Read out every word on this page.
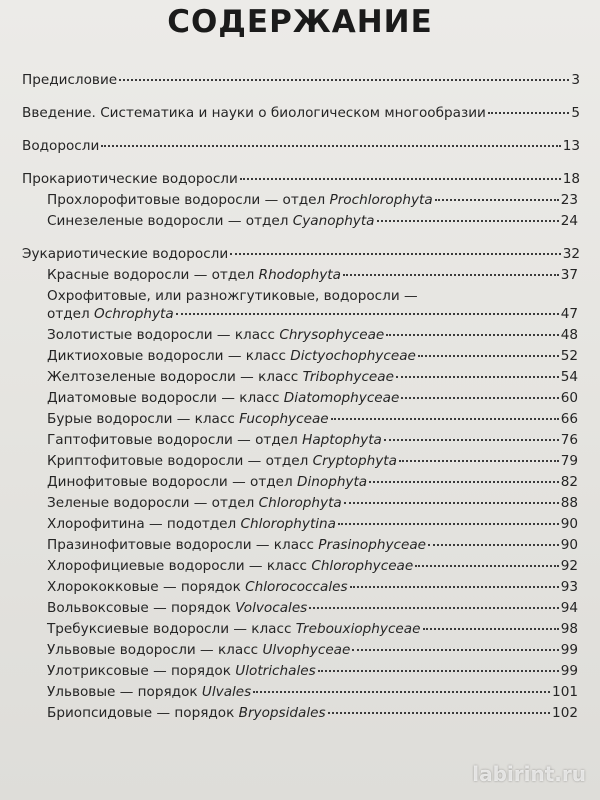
СОДЕРЖАНИЕ
Предисловие	3
Введение. Систематика и науки о биологическом многообразии	5
Водоросли	13
Прокариотические водоросли	18
Прохлорофитовые водоросли — отдел Prochlorophyta	23
Синезеленые водоросли — отдел Cyanophyta	24
Эукариотические водоросли	32
Красные водоросли — отдел Rhodophyta	37
Охрофитовые, или разножгутиковые, водоросли —
отдел Ochrophyta	47
Золотистые водоросли — класс Chrysophyceae	48
Диктиоховые водоросли — класс Dictyochophyceae	52
Желтозеленые водоросли — класс Tribophyceae	54
Диатомовые водоросли — класс Diatomophyceae	60
Бурые водоросли — класс Fucophyceae	66
Гаптофитовые водоросли — отдел Haptophyta	76
Криптофитовые водоросли — отдел Cryptophyta	79
Динофитовые водоросли — отдел Dinophyta	82
Зеленые водоросли — отдел Chlorophyta	88
Хлорофитина — подотдел Chlorophytina	90
Празинофитовые водоросли — класс Prasinophyceae	90
Хлорофициевые водоросли — класс Chlorophyceae	92
Хлорококковые — порядок Chlorococcales	93
Вольвоксовые — порядок Volvocales	94
Требуксиевые водоросли — класс Trebouxiophyceae	98
Ульвовые водоросли — класс Ulvophyceae	99
Улотриксовые — порядок Ulotrichales	99
Ульвовые — порядок Ulvales	101
Бриопсидовые — порядок Bryopsidales	102
labirint.ru
